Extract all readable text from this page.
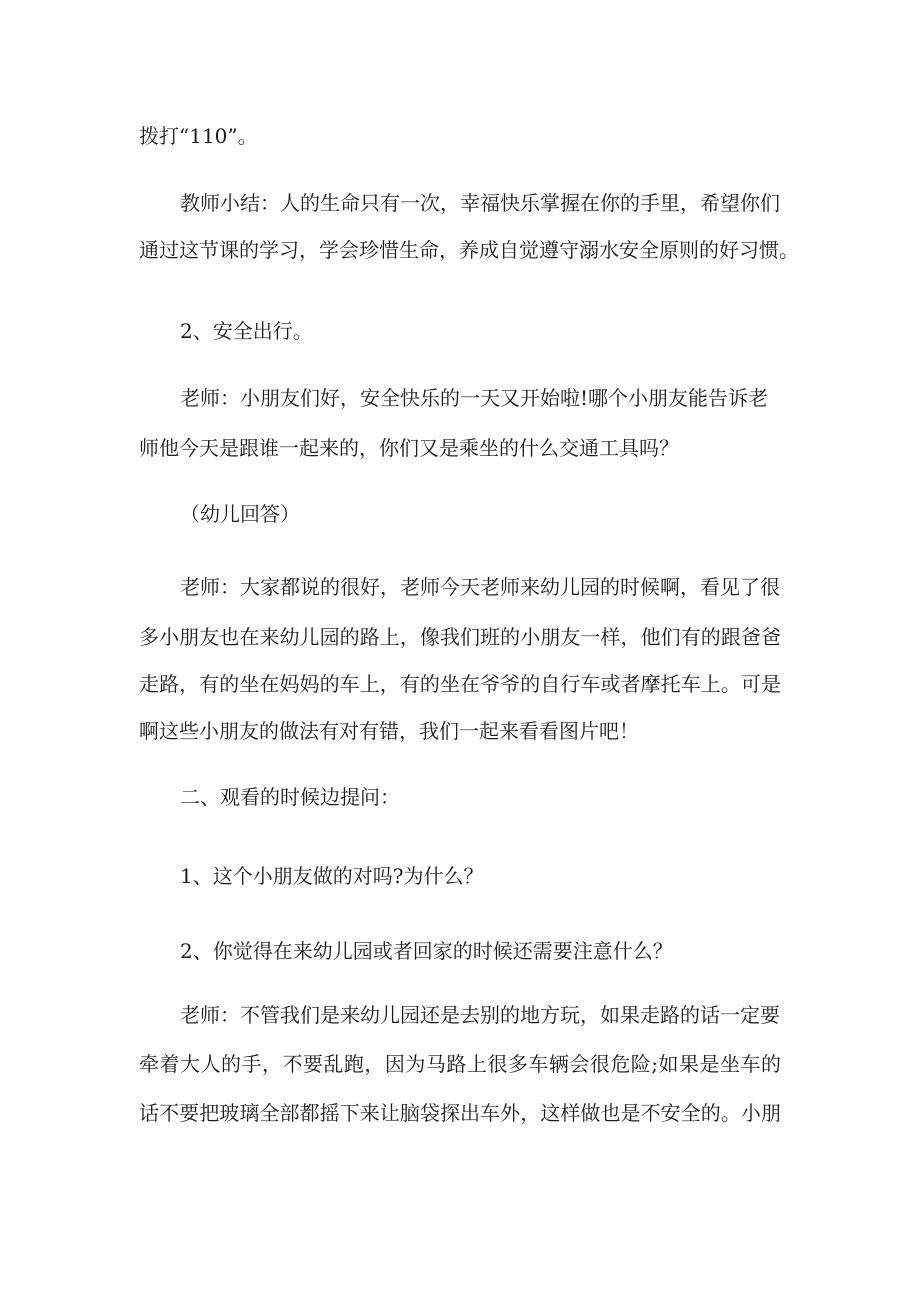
拨打“110”。

教师小结：人的生命只有一次，幸福快乐掌握在你的手里，希望你们

通过这节课的学习，学会珍惜生命，养成自觉遵守溺水安全原则的好习惯。

2、安全出行。

老师：小朋友们好，安全快乐的一天又开始啦!哪个小朋友能告诉老

师他今天是跟谁一起来的，你们又是乘坐的什么交通工具吗？

（幼儿回答）

老师：大家都说的很好，老师今天老师来幼儿园的时候啊，看见了很

多小朋友也在来幼儿园的路上，像我们班的小朋友一样，他们有的跟爸爸

走路，有的坐在妈妈的车上，有的坐在爷爷的自行车或者摩托车上。可是

啊这些小朋友的做法有对有错，我们一起来看看图片吧！

二、观看的时候边提问：

1、这个小朋友做的对吗?为什么？

2、你觉得在来幼儿园或者回家的时候还需要注意什么？

老师：不管我们是来幼儿园还是去别的地方玩，如果走路的话一定要

牵着大人的手，不要乱跑，因为马路上很多车辆会很危险;如果是坐车的

话不要把玻璃全部都摇下来让脑袋探出车外，这样做也是不安全的。小朋
